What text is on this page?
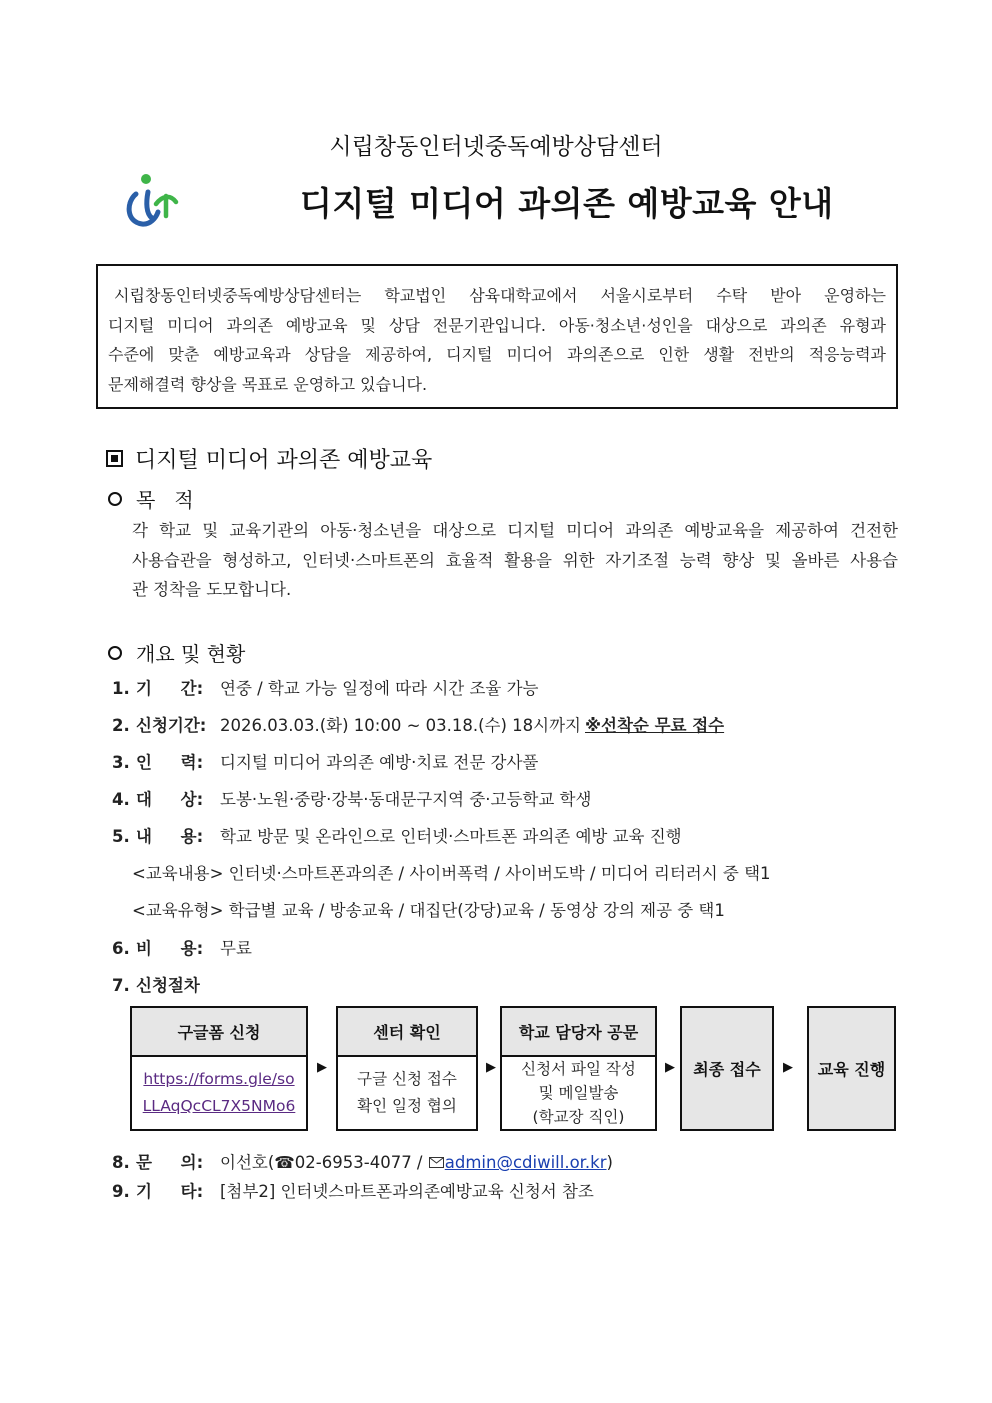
시립창동인터넷중독예방상담센터
디지털 미디어 과의존 예방교육 안내

시립창동인터넷중독예방상담센터는 학교법인 삼육대학교에서 서울시로부터 수탁 받아 운영하는

디지털 미디어 과의존 예방교육 및 상담 전문기관입니다. 아동·청소년·성인을 대상으로 과의존 유형과
수준에 맞춘 예방교육과 상담을 제공하여, 디지털 미디어 과의존으로 인한 생활 전반의 적응능력과
문제해결력 향상을 목표로 운영하고 있습니다.
디지털 미디어 과의존 예방교육
목   적
각 학교 및 교육기관의 아동·청소년을 대상으로 디지털 미디어 과의존 예방교육을 제공하여 건전한
사용습관을 형성하고, 인터넷·스마트폰의 효율적 활용을 위한 자기조절 능력 향상 및 올바른 사용습
관 정착을 도모합니다.
개요 및 현황
1. 기     간: 연중 / 학교 가능 일정에 따라 시간 조율 가능
2. 신청기간: 2026.03.03.(화) 10:00 ~ 03.18.(수) 18시까지 ※선착순 무료 접수
3. 인     력: 디지털 미디어 과의존 예방·치료 전문 강사풀
4. 대     상: 도봉·노원·중랑·강북·동대문구지역 중·고등학교 학생
5. 내     용: 학교 방문 및 온라인으로 인터넷·스마트폰 과의존 예방 교육 진행
<교육내용> 인터넷·스마트폰과의존 / 사이버폭력 / 사이버도박 / 미디어 리터러시 중 택1
<교육유형> 학급별 교육 / 방송교육 / 대집단(강당)교육 / 동영상 강의 제공 중 택1
6. 비     용: 무료
7. 신청절차
구글폼 신청
https://forms.gle/so
LLAqQcCL7X5NMo6
▶
센터 확인
구글 신청 접수
확인 일정 협의
▶
학교 담당자 공문
신청서 파일 작성
및 메일발송
(학교장 직인)
▶	최종 접수	▶	교육 진행
8. 문     의: 이선호(☎02-6953-4077 /
admin@cdiwill.or.kr)
9. 기     타: [첨부2] 인터넷스마트폰과의존예방교육 신청서 참조
